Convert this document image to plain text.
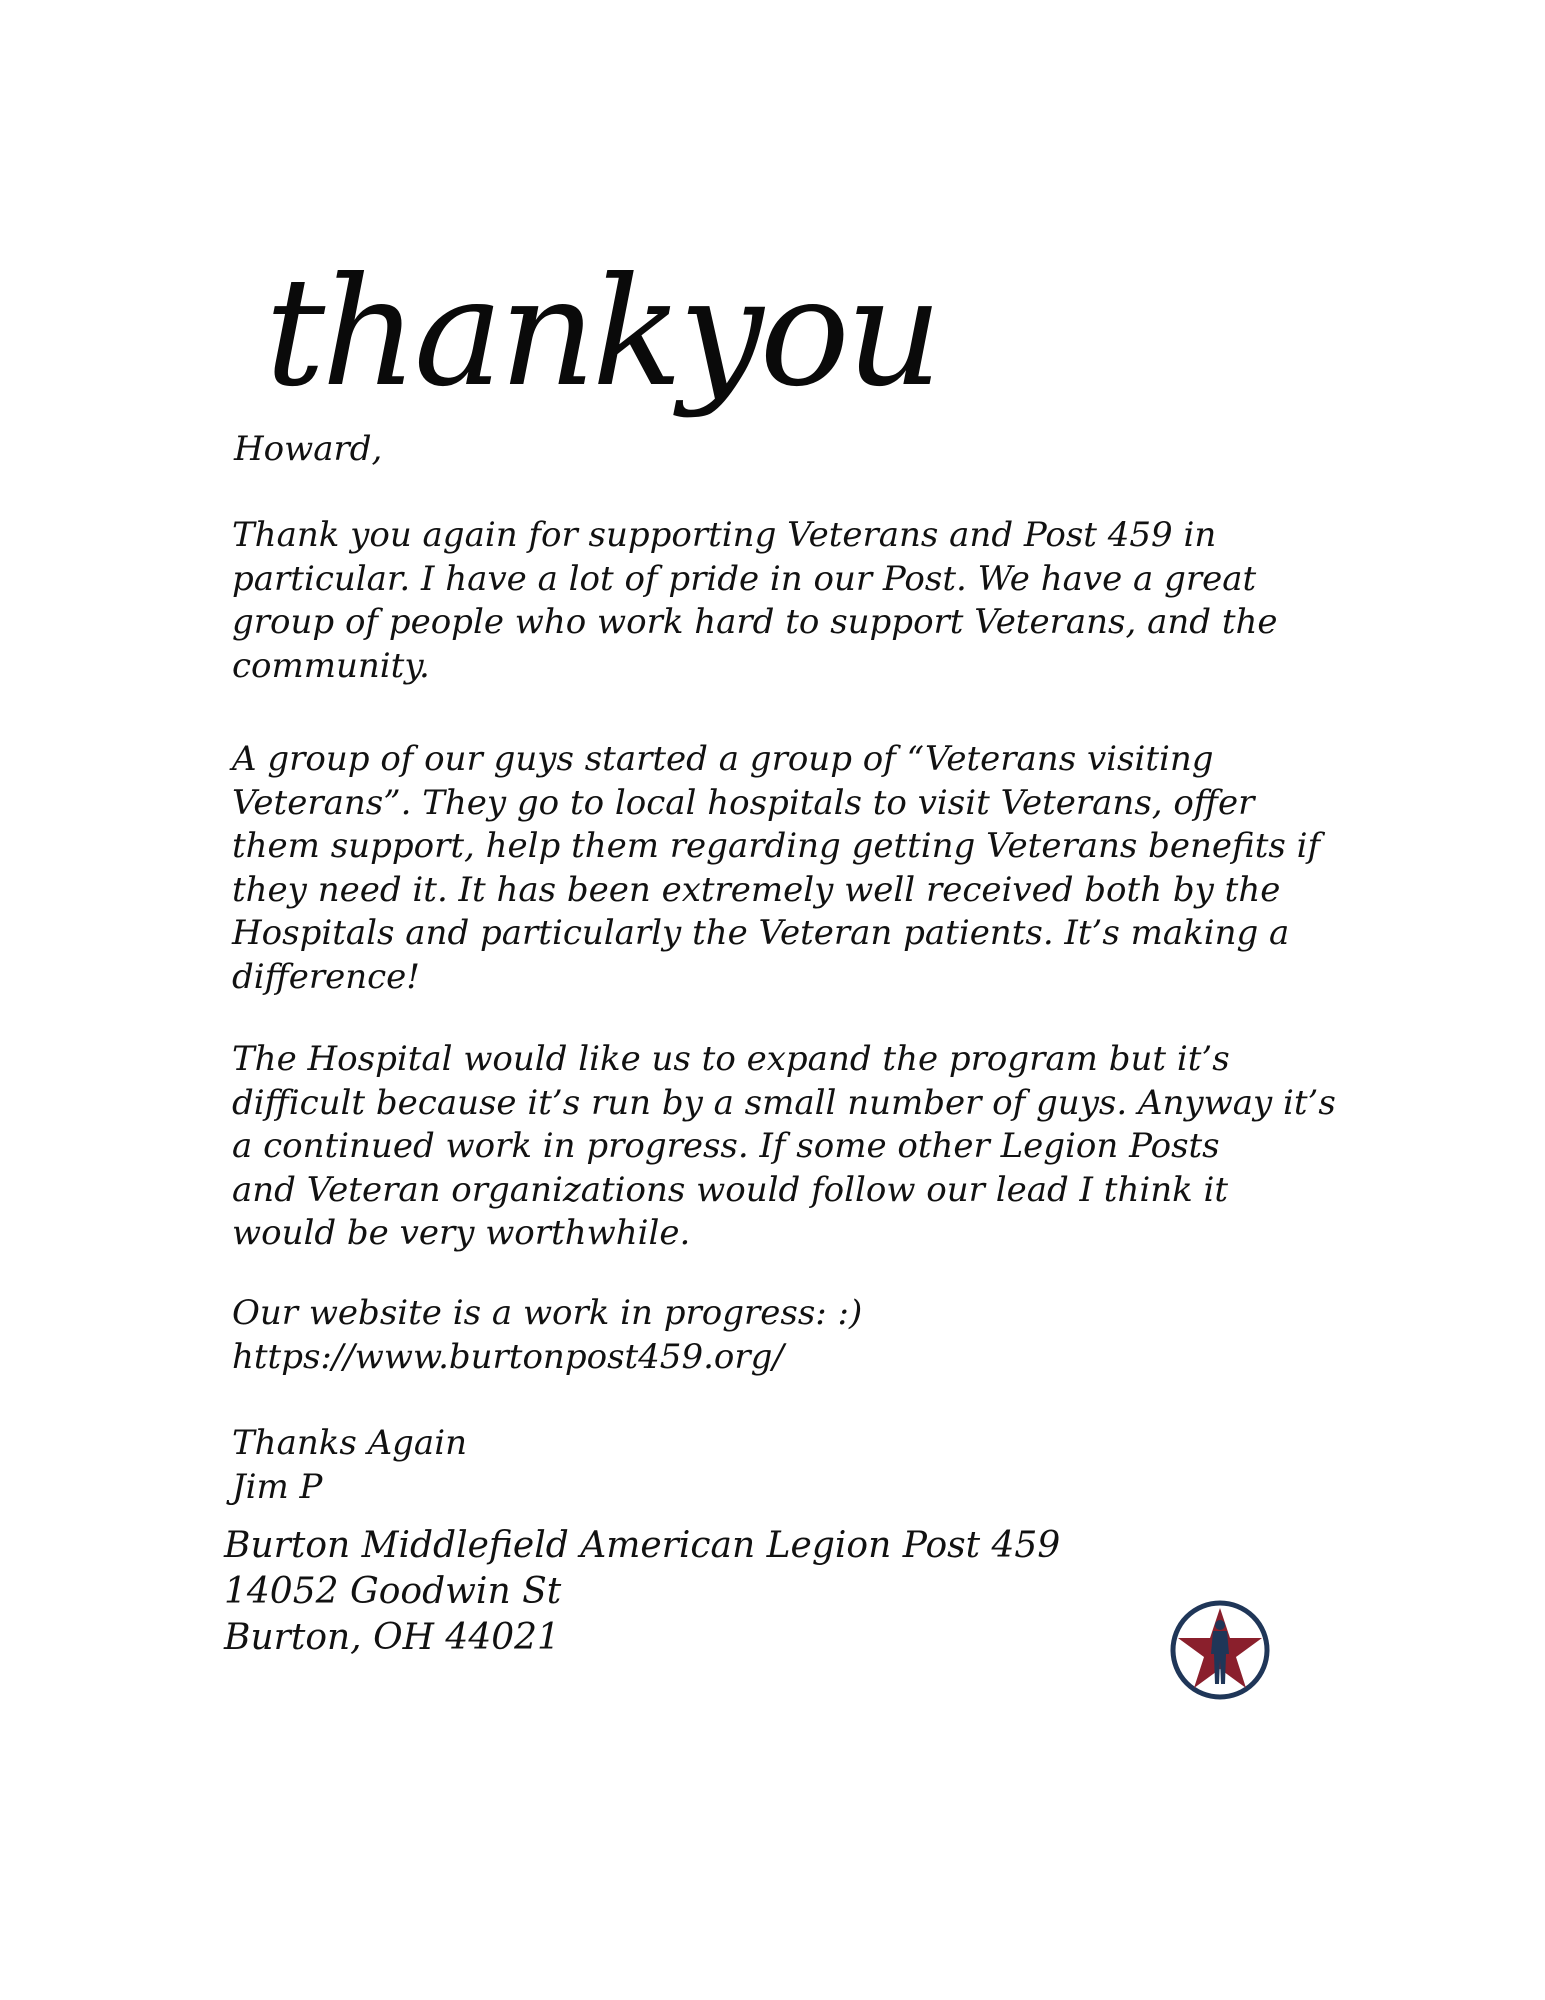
thankyou
Howard,
Thank you again for supporting Veterans and Post 459 in
particular. I have a lot of pride in our Post. We have a great
group of people who work hard to support Veterans, and the
community.
A group of our guys started a group of “Veterans visiting
Veterans”. They go to local hospitals to visit Veterans, offer
them support, help them regarding getting Veterans benefits if
they need it. It has been extremely well received both by the
Hospitals and particularly the Veteran patients. It’s making a
difference!
The Hospital would like us to expand the program but it’s
difficult because it’s run by a small number of guys. Anyway it’s
a continued work in progress. If some other Legion Posts
and Veteran organizations would follow our lead I think it
would be very worthwhile.
Our website is a work in progress: :)
https://www.burtonpost459.org/
Thanks Again
Jim P
Burton Middlefield American Legion Post 459
14052 Goodwin St
Burton, OH 44021
